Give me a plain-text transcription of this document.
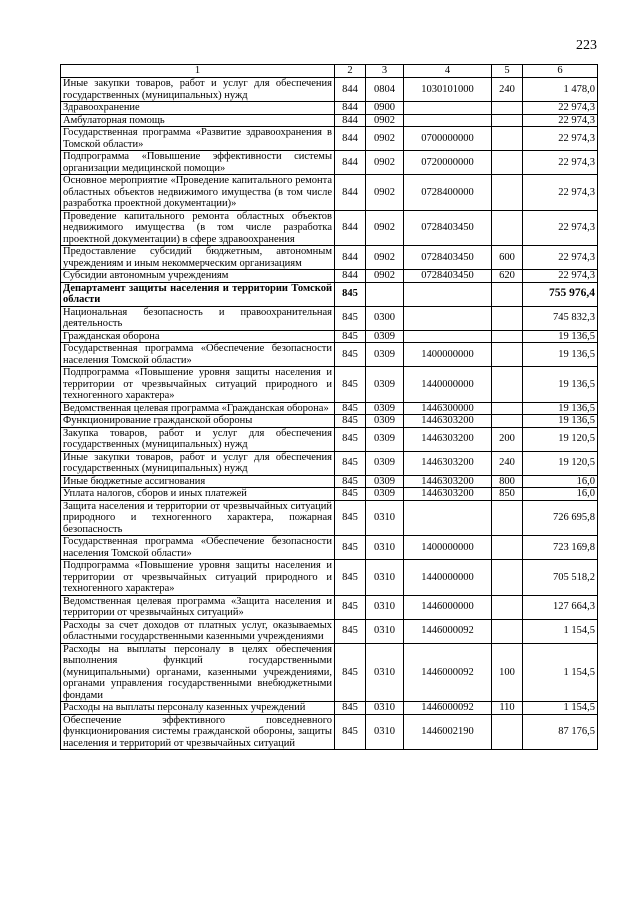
223
1	2	3	4	5	6
Иные закупки товаров, работ и услуг для обеспечения государственных (муниципальных) нужд	844	0804	1030101000	240	1 478,0
Здравоохранение	844	0900			22 974,3
Амбулаторная помощь	844	0902			22 974,3
Государственная программа «Развитие здравоохранения в Томской области»	844	0902	0700000000		22 974,3
Подпрограмма «Повышение эффективности системы организации медицинской помощи»	844	0902	0720000000		22 974,3
Основное мероприятие «Проведение капитального ремонта областных объектов недвижимого имущества (в том числе разработка проектной документации)»	844	0902	0728400000		22 974,3
Проведение капитального ремонта областных объектов недвижимого имущества (в том числе разработка проектной документации) в сфере здравоохранения	844	0902	0728403450		22 974,3
Предоставление субсидий бюджетным, автономным учреждениям и иным некоммерческим организациям	844	0902	0728403450	600	22 974,3
Субсидии автономным учреждениям	844	0902	0728403450	620	22 974,3
Департамент защиты населения и территории Томской области	845				755 976,4
Национальная безопасность и правоохранительная деятельность	845	0300			745 832,3
Гражданская оборона	845	0309			19 136,5
Государственная программа «Обеспечение безопасности населения Томской области»	845	0309	1400000000		19 136,5
Подпрограмма «Повышение уровня защиты населения и территории от чрезвычайных ситуаций природного и техногенного характера»	845	0309	1440000000		19 136,5
Ведомственная целевая программа «Гражданская оборона»	845	0309	1446300000		19 136,5
Функционирование гражданской обороны	845	0309	1446303200		19 136,5
Закупка товаров, работ и услуг для обеспечения государственных (муниципальных) нужд	845	0309	1446303200	200	19 120,5
Иные закупки товаров, работ и услуг для обеспечения государственных (муниципальных) нужд	845	0309	1446303200	240	19 120,5
Иные бюджетные ассигнования	845	0309	1446303200	800	16,0
Уплата налогов, сборов и иных платежей	845	0309	1446303200	850	16,0
Защита населения и территории от чрезвычайных ситуаций природного и техногенного характера, пожарная безопасность	845	0310			726 695,8
Государственная программа «Обеспечение безопасности населения Томской области»	845	0310	1400000000		723 169,8
Подпрограмма «Повышение уровня защиты населения и территории от чрезвычайных ситуаций природного и техногенного характера»	845	0310	1440000000		705 518,2
Ведомственная целевая программа «Защита населения и территории от чрезвычайных ситуаций»	845	0310	1446000000		127 664,3
Расходы за счет доходов от платных услуг, оказываемых областными государственными казенными учреждениями	845	0310	1446000092		1 154,5
Расходы на выплаты персоналу в целях обеспечения выполнения функций государственными (муниципальными) органами, казенными учреждениями, органами управления государственными внебюджетными фондами	845	0310	1446000092	100	1 154,5
Расходы на выплаты персоналу казенных учреждений	845	0310	1446000092	110	1 154,5
Обеспечение эффективного повседневного функционирования системы гражданской обороны, защиты населения и территорий от чрезвычайных ситуаций	845	0310	1446002190		87 176,5
